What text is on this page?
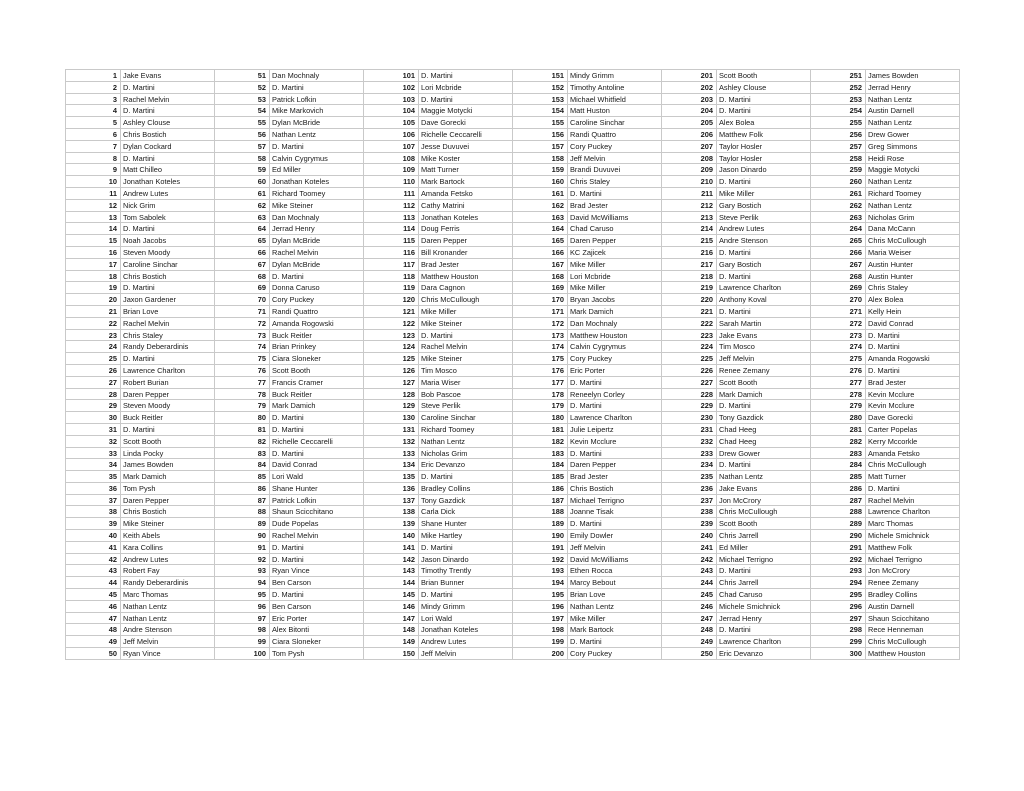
1 Jake Evans
2 D. Martini
3 Rachel Melvin
4 D. Martini
5 Ashley Clouse
6 Chris Bostich
7 Dylan Cockard
8 D. Martini
9 Matt Chilleo
10 Jonathan Koteles
11 Andrew Lutes
12 Nick Grim
13 Tom Sabolek
14 D. Martini
15 Noah Jacobs
16 Steven Moody
17 Caroline Sinchar
18 Chris Bostich
19 D. Martini
20 Jaxon Gardener
21 Brian Love
22 Rachel Melvin
23 Chris Staley
24 Randy Deberardinis
25 D. Martini
26 Lawrence Charlton
27 Robert Burian
28 Daren Pepper
29 Steven Moody
30 Buck Reitler
31 D. Martini
32 Scott Booth
33 Linda Pocky
34 James Bowden
35 Mark Damich
36 Tom Pysh
37 Daren Pepper
38 Chris Bostich
39 Mike Steiner
40 Keith Abels
41 Kara Collins
42 Andrew Lutes
43 Robert Fay
44 Randy Deberardinis
45 Marc Thomas
46 Nathan Lentz
47 Nathan Lentz
48 Andre Stenson
49 Jeff Melvin
50 Ryan Vince
51 Dan Mochnaly
52 D. Martini
53 Patrick Lofkin
54 Mike Markovich
55 Dylan McBride
56 Nathan Lentz
57 D. Martini
58 Calvin Cygrymus
59 Ed Miller
60 Jonathan Koteles
61 Richard Toomey
62 Mike Steiner
63 Dan Mochnaly
64 Jerrad Henry
65 Dylan McBride
66 Rachel Melvin
67 Dylan McBride
68 D. Martini
69 Donna Caruso
70 Cory Puckey
71 Randi Quattro
72 Amanda Rogowski
73 Buck Reitler
74 Brian Prinkey
75 Ciara Sloneker
76 Scott Booth
77 Francis Cramer
78 Buck Reitler
79 Mark Damich
80 D. Martini
81 D. Martini
82 Richelle Ceccarelli
83 D. Martini
84 David Conrad
85 Lori Wald
86 Shane Hunter
87 Patrick Lofkin
88 Shaun Scicchitano
89 Dude Popelas
90 Rachel Melvin
91 D. Martini
92 D. Martini
93 Ryan Vince
94 Ben Carson
95 D. Martini
96 Ben Carson
97 Eric Porter
98 Alex Bitonti
99 Ciara Sloneker
100 Tom Pysh
101 D. Martini
102 Lori Mcbride
103 D. Martini
104 Maggie Motycki
105 Dave Gorecki
106 Richelle Ceccarelli
107 Jesse Duvuvei
108 Mike Koster
109 Matt Turner
110 Mark Bartock
111 Amanda Fetsko
112 Cathy Matrini
113 Jonathan Koteles
114 Doug Ferris
115 Daren Pepper
116 Bill Kronander
117 Brad Jester
118 Matthew Houston
119 Dara Cagnon
120 Chris McCullough
121 Mike Miller
122 Mike Steiner
123 D. Martini
124 Rachel Melvin
125 Mike Steiner
126 Tim Mosco
127 Maria Wiser
128 Bob Pascoe
129 Steve Perlik
130 Caroline Sinchar
131 Richard Toomey
132 Nathan Lentz
133 Nicholas Grim
134 Eric Devanzo
135 D. Martini
136 Bradley Collins
137 Tony Gazdick
138 Carla Dick
139 Shane Hunter
140 Mike Hartley
141 D. Martini
142 Jason Dinardo
143 Timothy Trently
144 Brian Bunner
145 D. Martini
146 Mindy Grimm
147 Lori Wald
148 Jonathan Koteles
149 Andrew Lutes
150 Jeff Melvin
151 Mindy Grimm
152 Timothy Antoline
153 Michael Whitfield
154 Matt Huston
155 Caroline Sinchar
156 Randi Quattro
157 Cory Puckey
158 Jeff Melvin
159 Brandi Duvuvei
160 Chris Staley
161 D. Martini
162 Brad Jester
163 David McWilliams
164 Chad Caruso
165 Daren Pepper
166 KC Zajicek
167 Mike Miller
168 Lori Mcbride
169 Mike Miller
170 Bryan Jacobs
171 Mark Damich
172 Dan Mochnaly
173 Matthew Houston
174 Calvin Cygrymus
175 Cory Puckey
176 Eric Porter
177 D. Martini
178 Reneelyn Corley
179 D. Martini
180 Lawrence Charlton
181 Julie Leipertz
182 Kevin Mcclure
183 D. Martini
184 Daren Pepper
185 Brad Jester
186 Chris Bostich
187 Michael Terrigno
188 Joanne Tisak
189 D. Martini
190 Emily Dowler
191 Jeff Melvin
192 David McWilliams
193 Ethen Rocca
194 Marcy Bebout
195 Brian Love
196 Nathan Lentz
197 Mike Miller
198 Mark Bartock
199 D. Martini
200 Cory Puckey
201 Scott Booth
202 Ashley Clouse
203 D. Martini
204 D. Martini
205 Alex Bolea
206 Matthew Folk
207 Taylor Hosler
208 Taylor Hosler
209 Jason Dinardo
210 D. Martini
211 Mike Miller
212 Gary Bostich
213 Steve Perlik
214 Andrew Lutes
215 Andre Stenson
216 D. Martini
217 Gary Bostich
218 D. Martini
219 Lawrence Charlton
220 Anthony Koval
221 D. Martini
222 Sarah Martin
223 Jake Evans
224 Tim Mosco
225 Jeff Melvin
226 Renee Zemany
227 Scott Booth
228 Mark Damich
229 D. Martini
230 Tony Gazdick
231 Chad Heeg
232 Chad Heeg
233 Drew Gower
234 D. Martini
235 Nathan Lentz
236 Jake Evans
237 Jon McCrory
238 Chris McCullough
239 Scott Booth
240 Chris Jarrell
241 Ed Miller
242 Michael Terrigno
243 D. Martini
244 Chris Jarrell
245 Chad Caruso
246 Michele Smichnick
247 Jerrad Henry
248 D. Martini
249 Lawrence Charlton
250 Eric Devanzo
251 James Bowden
252 Jerrad Henry
253 Nathan Lentz
254 Austin Darnell
255 Nathan Lentz
256 Drew Gower
257 Greg Simmons
258 Heidi Rose
259 Maggie Motycki
260 Nathan Lentz
261 Richard Toomey
262 Nathan Lentz
263 Nicholas Grim
264 Dana McCann
265 Chris McCullough
266 Maria Weiser
267 Austin Hunter
268 Austin Hunter
269 Chris Staley
270 Alex Bolea
271 Kelly Hein
272 David Conrad
273 D. Martini
274 D. Martini
275 Amanda Rogowski
276 D. Martini
277 Brad Jester
278 Kevin Mcclure
279 Kevin Mcclure
280 Dave Gorecki
281 Carter Popelas
282 Kerry Mccorkle
283 Amanda Fetsko
284 Chris McCullough
285 Matt Turner
286 D. Martini
287 Rachel Melvin
288 Lawrence Charlton
289 Marc Thomas
290 Michele Smichnick
291 Matthew Folk
292 Michael Terrigno
293 Jon McCrory
294 Renee Zemany
295 Bradley Collins
296 Austin Darnell
297 Shaun Scicchitano
298 Rece Henneman
299 Chris McCullough
300 Matthew Houston
